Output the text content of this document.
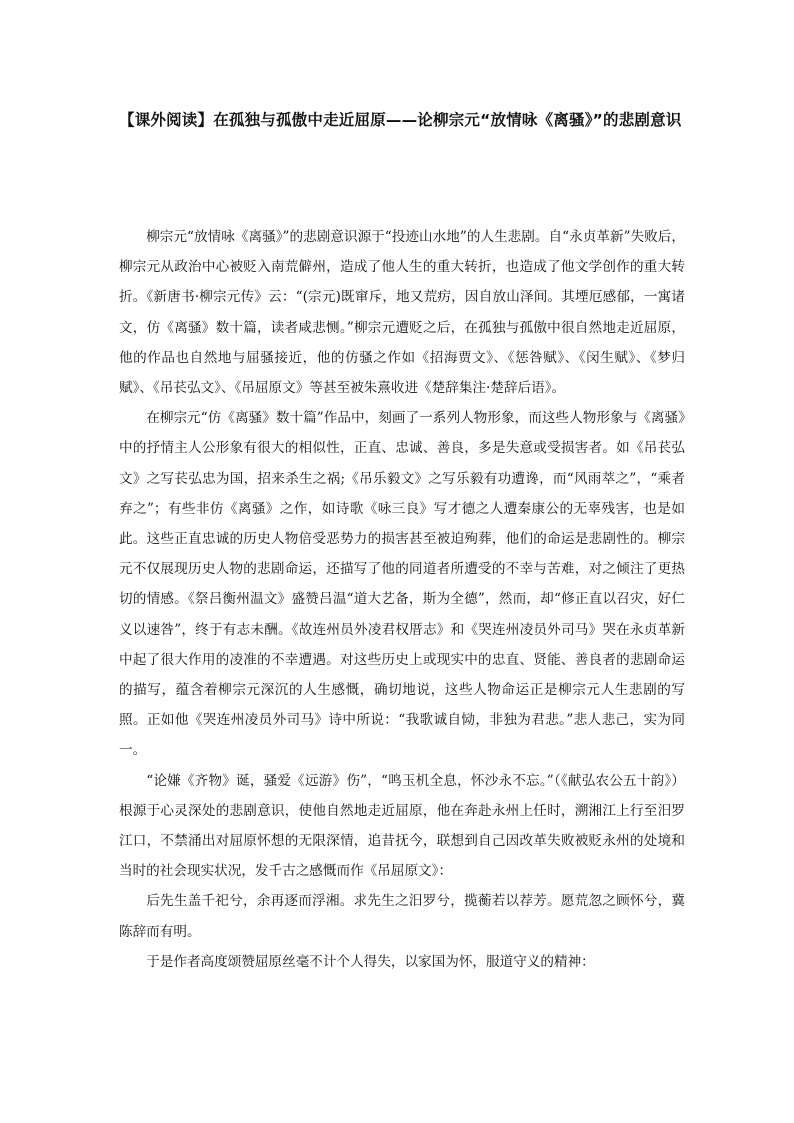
【课外阅读】在孤独与孤傲中走近屈原——论柳宗元“放情咏《离骚》”的悲剧意识

柳宗元“放情咏《离骚》”的悲剧意识源于“投迹山水地”的人生悲剧。自“永贞革新”失败后，柳宗元从政治中心被贬入南荒僻州，造成了他人生的重大转折，也造成了他文学创作的重大转折。《新唐书·柳宗元传》云：“(宗元)既窜斥，地又荒疠，因自放山泽间。其堙厄感郁，一寓诸文，仿《离骚》数十篇，读者咸悲恻。”柳宗元遭贬之后，在孤独与孤傲中很自然地走近屈原，他的作品也自然地与屈骚接近，他的仿骚之作如《招海贾文》、《惩咎赋》、《闵生赋》、《梦归赋》、《吊苌弘文》、《吊屈原文》等甚至被朱熹收进《楚辞集注·楚辞后语》。

在柳宗元“仿《离骚》数十篇”作品中，刻画了一系列人物形象，而这些人物形象与《离骚》中的抒情主人公形象有很大的相似性，正直、忠诚、善良，多是失意或受损害者。如《吊苌弘文》之写苌弘忠为国，招来杀生之祸;《吊乐毅文》之写乐毅有功遭谗，而“风雨萃之”，“乘者弃之”；有些非仿《离骚》之作，如诗歌《咏三良》写才德之人遭秦康公的无辜残害，也是如此。这些正直忠诚的历史人物倍受恶势力的损害甚至被迫殉葬，他们的命运是悲剧性的。柳宗元不仅展现历史人物的悲剧命运，还描写了他的同道者所遭受的不幸与苦难，对之倾注了更热切的情感。《祭吕衡州温文》盛赞吕温“道大艺备，斯为全德”，然而，却“修正直以召灾，好仁义以速咎”，终于有志未酬。《故连州员外凌君权厝志》和《哭连州凌员外司马》哭在永贞革新中起了很大作用的凌准的不幸遭遇。对这些历史上或现实中的忠直、贤能、善良者的悲剧命运的描写，蕴含着柳宗元深沉的人生感慨，确切地说，这些人物命运正是柳宗元人生悲剧的写照。正如他《哭连州凌员外司马》诗中所说：“我歌诚自恸，非独为君悲。”悲人悲己，实为同一。

“论嫌《齐物》诞，骚爱《远游》伤”，“鸣玉机全息，怀沙永不忘。”（《献弘农公五十韵》）根源于心灵深处的悲剧意识，使他自然地走近屈原，他在奔赴永州上任时，溯湘江上行至汨罗江口，不禁涌出对屈原怀想的无限深情，追昔抚今，联想到自己因改革失败被贬永州的处境和当时的社会现实状况，发千古之感慨而作《吊屈原文》：

后先生盖千祀兮，余再逐而浮湘。求先生之汨罗兮，揽蘅若以荐芳。愿荒忽之顾怀兮，冀陈辞而有明。

于是作者高度颂赞屈原丝毫不计个人得失，以家国为怀，服道守义的精神：
